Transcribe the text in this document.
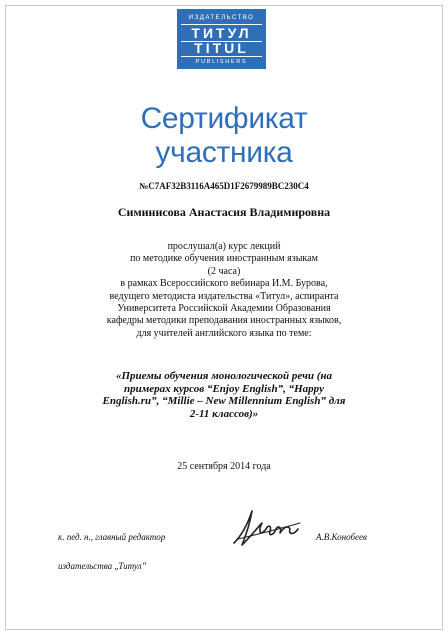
ИЗДАТЕЛЬСТВО
ТИТУЛ
TITUL
PUBLISHERS
Сертификат
участника
№C7AF32B3116A465D1F2679989BC230C4
Симинисова Анастасия Владимировна
прослушал(а) курс лекций
по методике обучения иностранным языкам
(2 часа)
в рамках Всероссийского вебинара И.М. Бурова,
ведущего методиста издательства «Титул», аспиранта
Университета Российской Академии Образования
кафедры методики преподавания иностранных языков,
для учителей английского языка по теме:
«Приемы обучения монологической речи (на
примерах курсов “Enjoy English”, “Happy
English.ru”, “Millie – New Millennium English” для
2-11 классов)»
25 сентября 2014 года
к. пед. н., главный редактор
издательства „Титул”
А.В.Конобеев
